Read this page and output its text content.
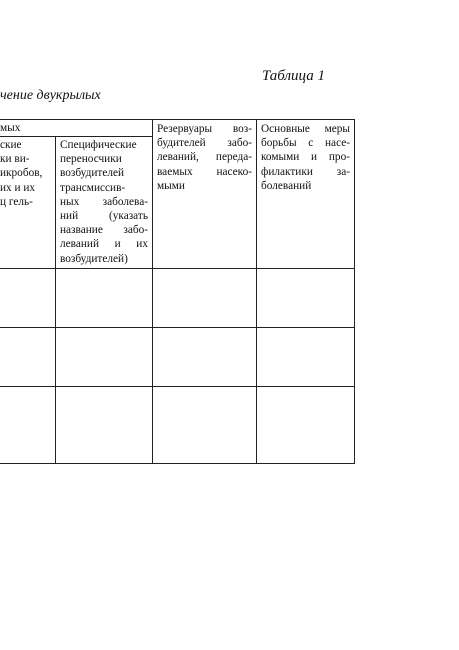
Таблица 1
чение двукрылых
мых
ские
ки ви-
икробов,
их и их
ц гель-
Специфические
переносчики
возбудителей
трансмиссив-
ных заболева-
ний (указать
название забо-
леваний и их
возбудителей)
Резервуары воз-
будителей забо-
леваний, переда-
ваемых насеко-
мыми
Основные меры
борьбы с насе-
комыми и про-
филактики за-
болеваний
